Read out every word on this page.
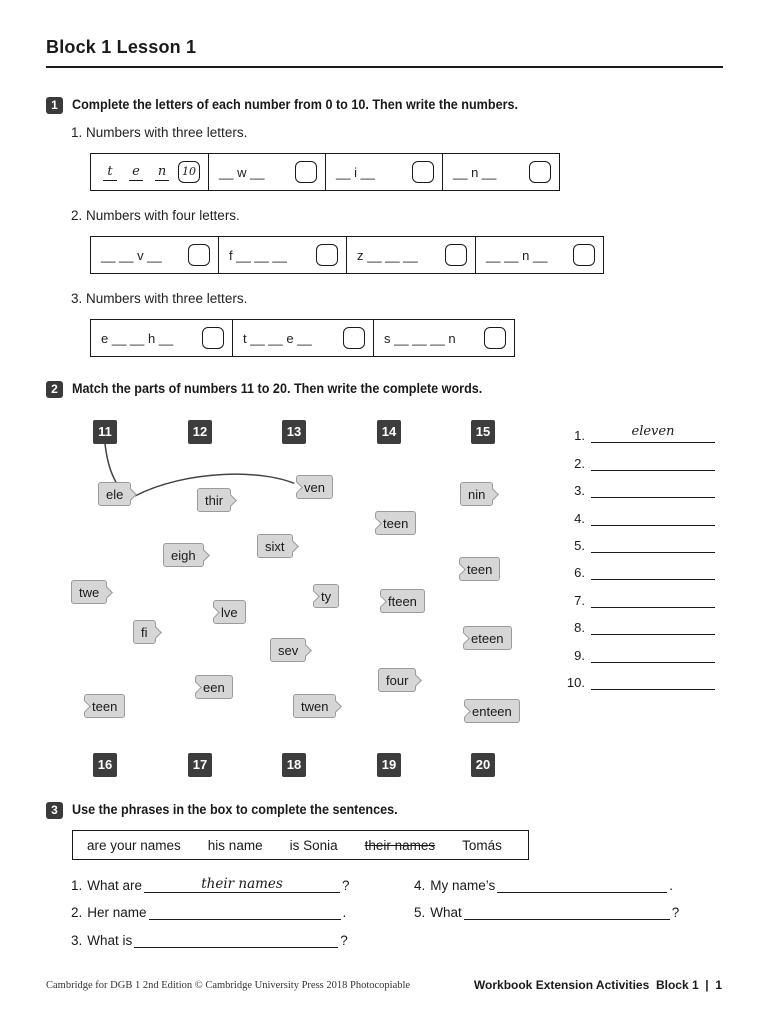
Block 1 Lesson 1
1	Complete the letters of each number from 0 to 10. Then write the numbers.
1. Numbers with three letters.
t	e n	10	__ w __	__ i __	__ n __
2. Numbers with four letters.
__ __ v __	f __ __ __	z __ __ __	__ __ n __
3. Numbers with three letters.
e __ __ h __	t __ __ e __	s __ __ __ n
2	Match the parts of numbers 11 to 20. Then write the complete words.
11	12	13	14	15
ele	thir
ven	nin
teen
sixt
eigh
teen
twe	ty	fteen
lve
fi	eteen
sev
four
een
teen	twen	enteen
16	17	18	19	20
1.	eleven
2.
3.
4.
5.
6.
7.
8.
9.
10.
3	Use the phrases in the box to complete the sentences.
are your names his name is Sonia their names Tomás
1. What are	their names	?
2. Her name	.
3. What is	?
4. My name’s	.
5. What	?
Cambridge for DGB 1 2nd Edition © Cambridge University Press 2018 Photocopiable	Workbook Extension Activities  Block 1  |  1
